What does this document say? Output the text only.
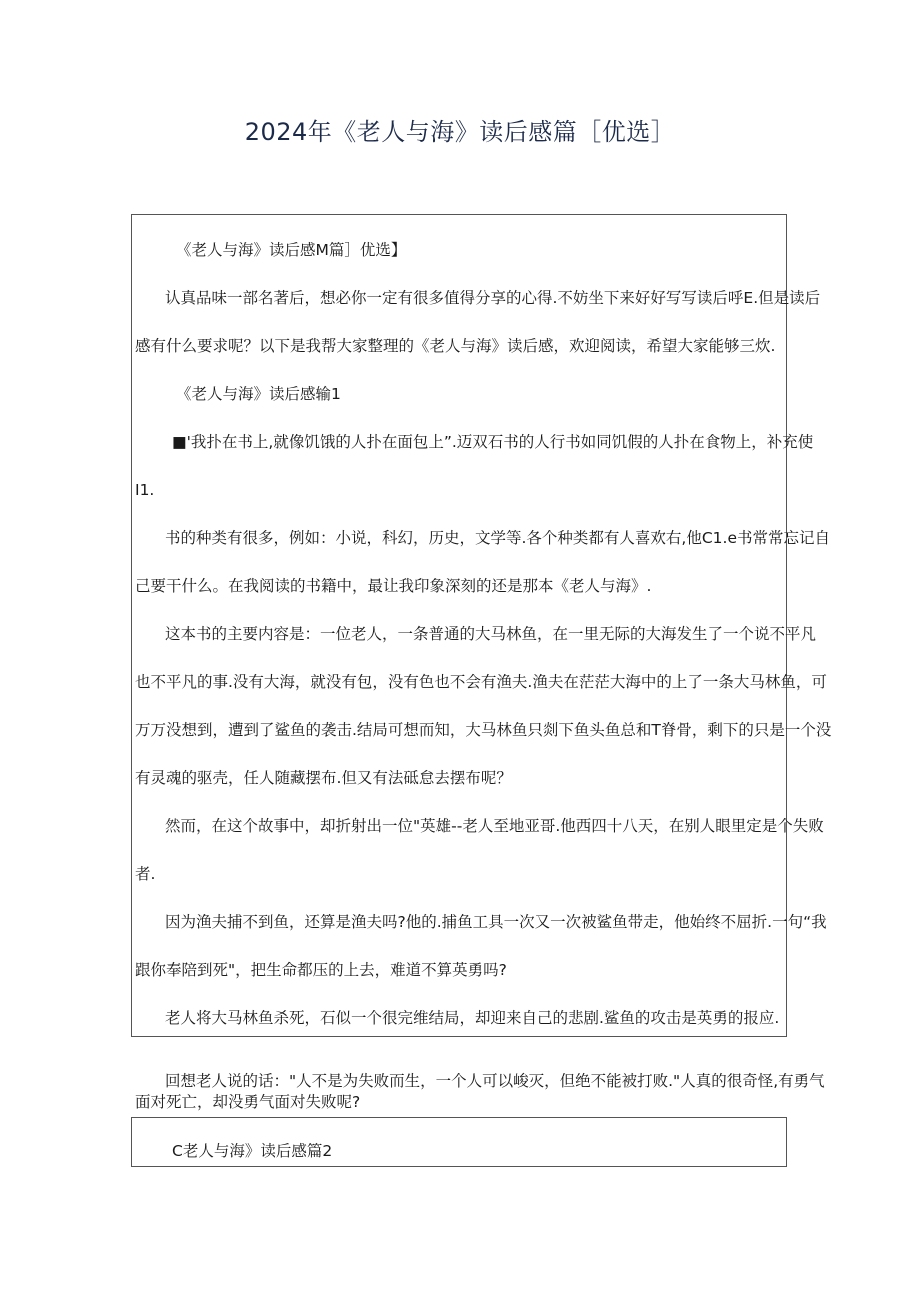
2024年《老人与海》读后感篇［优选］
《老人与海》读后感M篇］优选】
认真品味一部名著后，想必你一定有很多值得分享的心得.不妨坐下来好好写写读后呼E.但是读后
感有什么要求呢？以下是我帮大家整理的《老人与海》读后感，欢迎阅读，希望大家能够三炊.
《老人与海》读后感输1
■'我扑在书上,就像饥饿的人扑在面包上”.迈双石书的人行书如同饥假的人扑在食物上，补充使
I1.
书的种类有很多，例如：小说，科幻，历史，文学等.各个种类都有人喜欢右,他C1.e书常常忘记自
己要干什么。在我阅读的书籍中，最让我印象深刻的还是那本《老人与海》.
这本书的主要内容是：一位老人，一条普通的大马林鱼，在一里无际的大海发生了一个说不平凡
也不平凡的事.没有大海，就没有包，没有色也不会有渔夫.渔夫在茫茫大海中的上了一条大马林鱼，可
万万没想到，遭到了鲨鱼的袭击.结局可想而知，大马林鱼只剡下鱼头鱼总和T脊骨，剩下的只是一个没
有灵魂的驱壳，任人随藏摆布.但又有法砥怠去摆布呢？
然而，在这个故事中，却折射出一位"英雄--老人至地亚哥.他西四十八天，在别人眼里定是个失败
者.
因为渔夫捕不到鱼，还算是渔夫吗?他的.捕鱼工具一次又一次被鲨鱼带走，他始终不屈折.一句“我
跟你奉陪到死"，把生命都压的上去，难道不算英勇吗?
老人将大马林鱼杀死，石似一个很完维结局，却迎来自己的悲剧.鲨鱼的攻击是英勇的报应.
回想老人说的话："人不是为失败而生，一个人可以峻灭，但绝不能被打败."人真的很奇怪,有勇气
面对死亡，却没勇气面对失败呢?
C老人与海》读后感篇2
